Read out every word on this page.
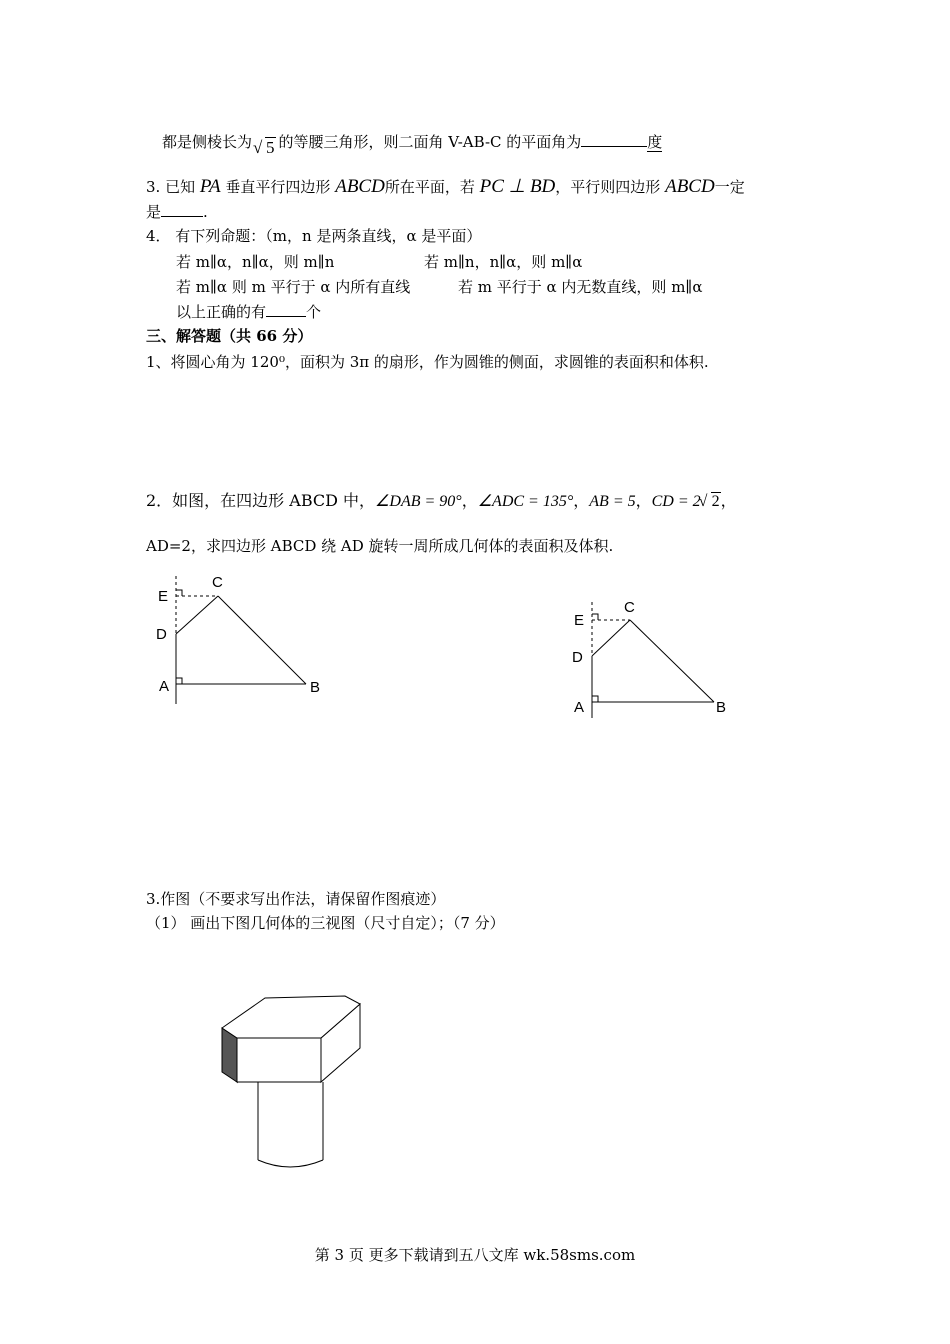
都是侧棱长为 √ 5 的等腰三角形，则二面角 V-AB-C 的平面角为	度
3. 已知 PA 垂直平行四边形 ABCD所在平面，若 PC ⊥ BD，平行则四边形 ABCD一定
是	.
4． 有下列命题：（m，n 是两条直线，α 是平面）
若 m∥α，n∥α，则 m∥n	若 m∥n，n∥α，则 m∥α
若 m∥α 则 m 平行于 α 内所有直线	若 m 平行于 α 内无数直线，则 m∥α
以上正确的有	个
三、解答题（共 66 分）
1、将圆心角为 120⁰，面积为 3π 的扇形，作为圆锥的侧面，求圆锥的表面积和体积.
2．如图，在四边形 ABCD 中，∠DAB = 90°，∠ADC = 135°，AB = 5，CD = 2 √ 2，
AD=2，求四边形 ABCD 绕 AD 旋转一周所成几何体的表面积及体积.
E
C
D
A	B
E
C
D
A	B
3.作图（不要求写出作法，请保留作图痕迹）
（1） 画出下图几何体的三视图（尺寸自定）；（7 分）
第 3 页 更多下载请到五八文库 wk.58sms.com
